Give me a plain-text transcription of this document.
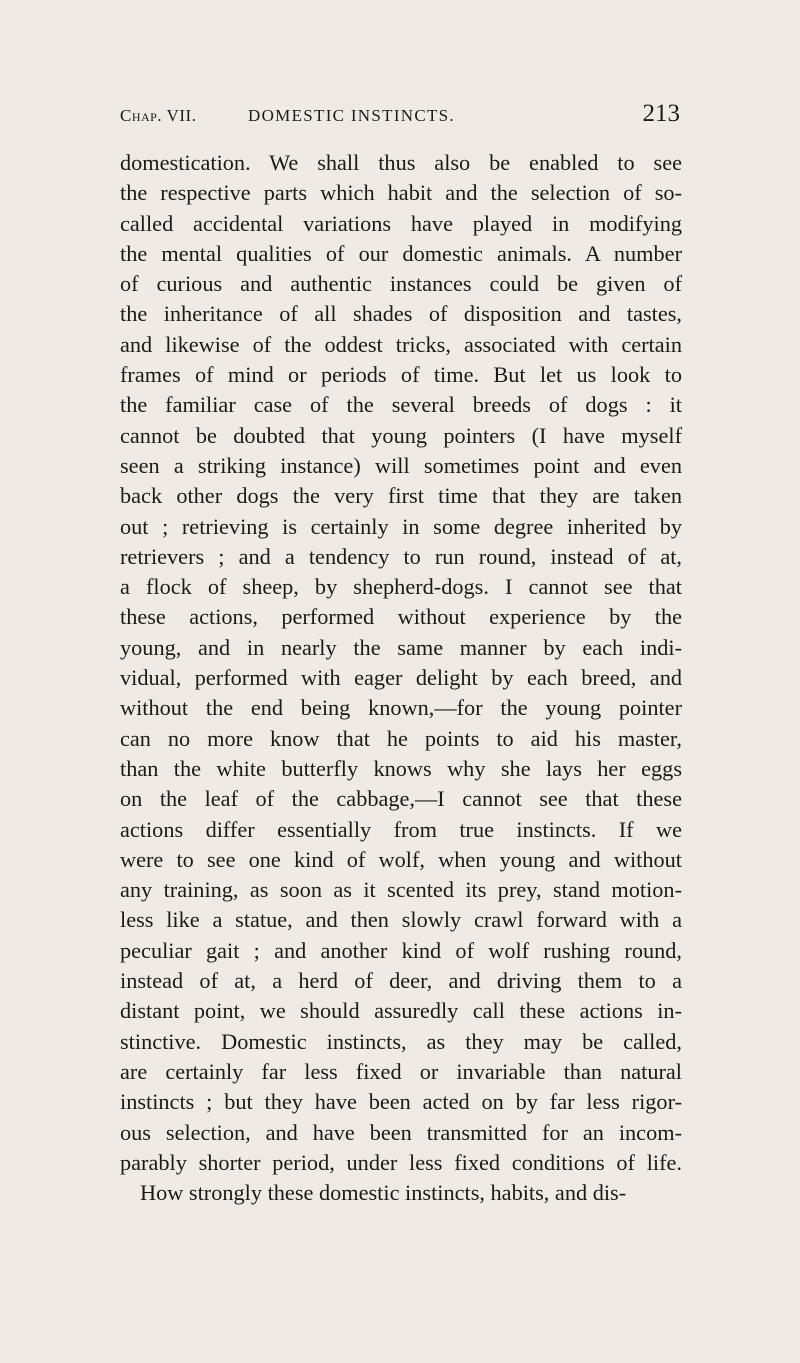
Chap. VII.	DOMESTIC INSTINCTS.	213
domestication. We shall thus also be enabled to see
the respective parts which habit and the selection of so-
called accidental variations have played in modifying
the mental qualities of our domestic animals. A number
of curious and authentic instances could be given of
the inheritance of all shades of disposition and tastes,
and likewise of the oddest tricks, associated with certain
frames of mind or periods of time. But let us look to
the familiar case of the several breeds of dogs : it
cannot be doubted that young pointers (I have myself
seen a striking instance) will sometimes point and even
back other dogs the very first time that they are taken
out ; retrieving is certainly in some degree inherited by
retrievers ; and a tendency to run round, instead of at,
a flock of sheep, by shepherd-dogs. I cannot see that
these actions, performed without experience by the
young, and in nearly the same manner by each indi-
vidual, performed with eager delight by each breed, and
without the end being known,—for the young pointer
can no more know that he points to aid his master,
than the white butterfly knows why she lays her eggs
on the leaf of the cabbage,—I cannot see that these
actions differ essentially from true instincts. If we
were to see one kind of wolf, when young and without
any training, as soon as it scented its prey, stand motion-
less like a statue, and then slowly crawl forward with a
peculiar gait ; and another kind of wolf rushing round,
instead of at, a herd of deer, and driving them to a
distant point, we should assuredly call these actions in-
stinctive. Domestic instincts, as they may be called,
are certainly far less fixed or invariable than natural
instincts ; but they have been acted on by far less rigor-
ous selection, and have been transmitted for an incom-
parably shorter period, under less fixed conditions of life.
How strongly these domestic instincts, habits, and dis-
